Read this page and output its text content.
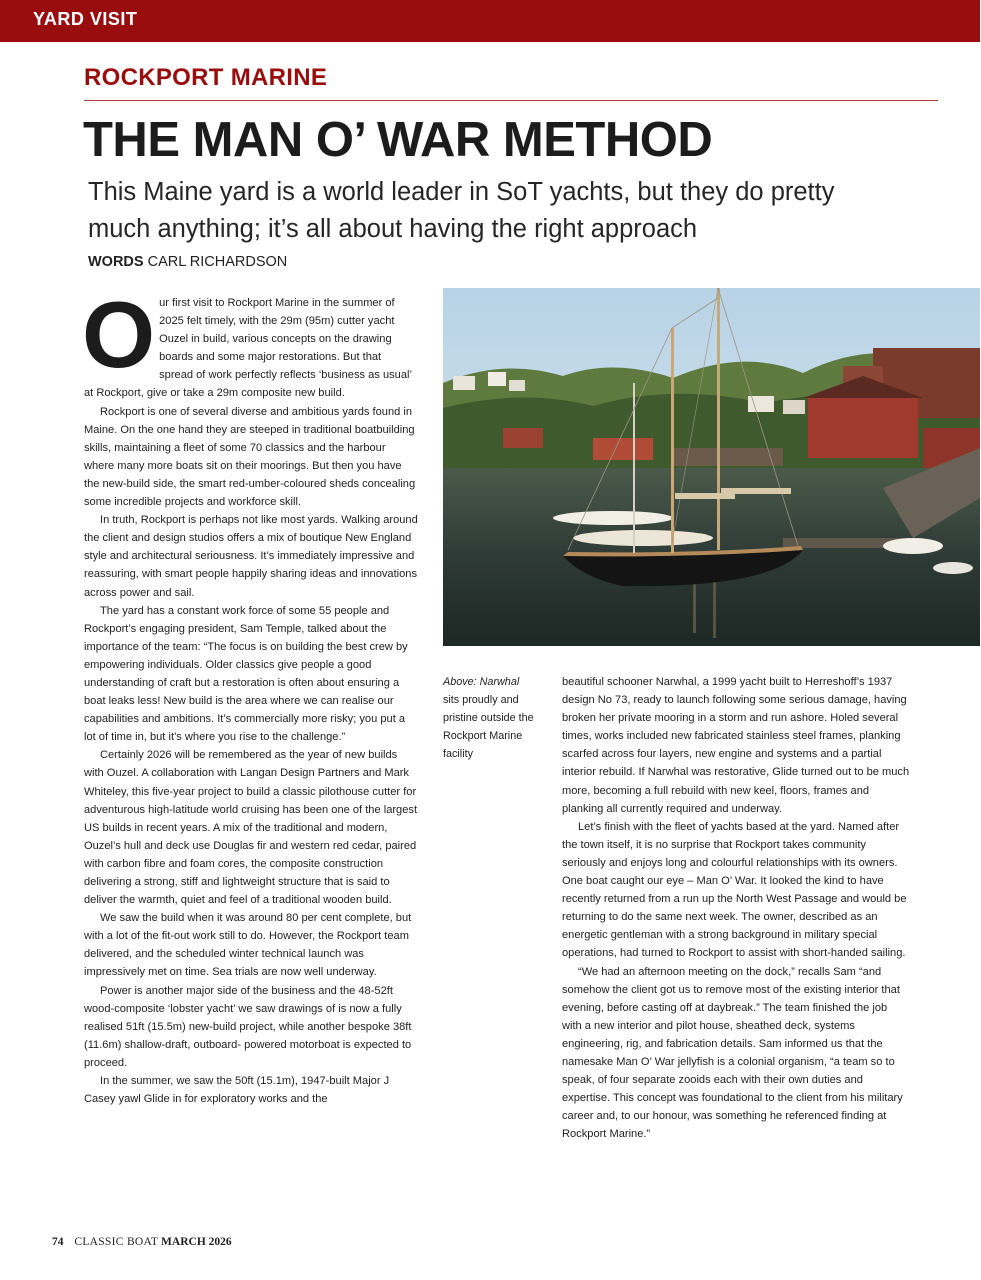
YARD VISIT
ROCKPORT MARINE
THE MAN O’ WAR METHOD
This Maine yard is a world leader in SoT yachts, but they do pretty much anything; it’s all about having the right approach
WORDS CARL RICHARDSON
O ur first visit to Rockport Marine in the summer of 2025 felt timely, with the 29m (95m) cutter yacht Ouzel in build, various concepts on the drawing boards and some major restorations. But that spread of work perfectly reflects ‘business as usual’ at Rockport, give or take a 29m composite new build.

Rockport is one of several diverse and ambitious yards found in Maine. On the one hand they are steeped in traditional boatbuilding skills, maintaining a fleet of some 70 classics and the harbour where many more boats sit on their moorings. But then you have the new-build side, the smart red-umber-coloured sheds concealing some incredible projects and workforce skill.

In truth, Rockport is perhaps not like most yards. Walking around the client and design studios offers a mix of boutique New England style and architectural seriousness. It’s immediately impressive and reassuring, with smart people happily sharing ideas and innovations across power and sail.

The yard has a constant work force of some 55 people and Rockport’s engaging president, Sam Temple, talked about the importance of the team: “The focus is on building the best crew by empowering individuals. Older classics give people a good understanding of craft but a restoration is often about ensuring a boat leaks less! New build is the area where we can realise our capabilities and ambitions. It’s commercially more risky; you put a lot of time in, but it’s where you rise to the challenge.”

Certainly 2026 will be remembered as the year of new builds with Ouzel. A collaboration with Langan Design Partners and Mark Whiteley, this five-year project to build a classic pilothouse cutter for adventurous high-latitude world cruising has been one of the largest US builds in recent years. A mix of the traditional and modern, Ouzel’s hull and deck use Douglas fir and western red cedar, paired with carbon fibre and foam cores, the composite construction delivering a strong, stiff and lightweight structure that is said to deliver the warmth, quiet and feel of a traditional wooden build.

We saw the build when it was around 80 per cent complete, but with a lot of the fit-out work still to do. However, the Rockport team delivered, and the scheduled winter technical launch was impressively met on time. Sea trials are now well underway.

Power is another major side of the business and the 48-52ft wood-composite ‘lobster yacht’ we saw drawings of is now a fully realised 51ft (15.5m) new-build project, while another bespoke 38ft (11.6m) shallow-draft, outboard- powered motorboat is expected to proceed.

In the summer, we saw the 50ft (15.1m), 1947-built Major J Casey yawl Glide in for exploratory works and the

Above: Narwhal sits proudly and pristine outside the Rockport Marine facility

beautiful schooner Narwhal, a 1999 yacht built to Herreshoff’s 1937 design No 73, ready to launch following some serious damage, having broken her private mooring in a storm and run ashore. Holed several times, works included new fabricated stainless steel frames, planking scarfed across four layers, new engine and systems and a partial interior rebuild. If Narwhal was restorative, Glide turned out to be much more, becoming a full rebuild with new keel, floors, frames and planking all currently required and underway.

Let’s finish with the fleet of yachts based at the yard. Named after the town itself, it is no surprise that Rockport takes community seriously and enjoys long and colourful relationships with its owners. One boat caught our eye – Man O’ War. It looked the kind to have recently returned from a run up the North West Passage and would be returning to do the same next week. The owner, described as an energetic gentleman with a strong background in military special operations, had turned to Rockport to assist with short-handed sailing.

“We had an afternoon meeting on the dock,” recalls Sam “and somehow the client got us to remove most of the existing interior that evening, before casting off at daybreak.” The team finished the job with a new interior and pilot house, sheathed deck, systems engineering, rig, and fabrication details. Sam informed us that the namesake Man O’ War jellyfish is a colonial organism, “a team so to speak, of four separate zooids each with their own duties and expertise. This concept was foundational to the client from his military career and, to our honour, was something he referenced finding at Rockport Marine.”

74 CLASSIC BOAT MARCH 2026
